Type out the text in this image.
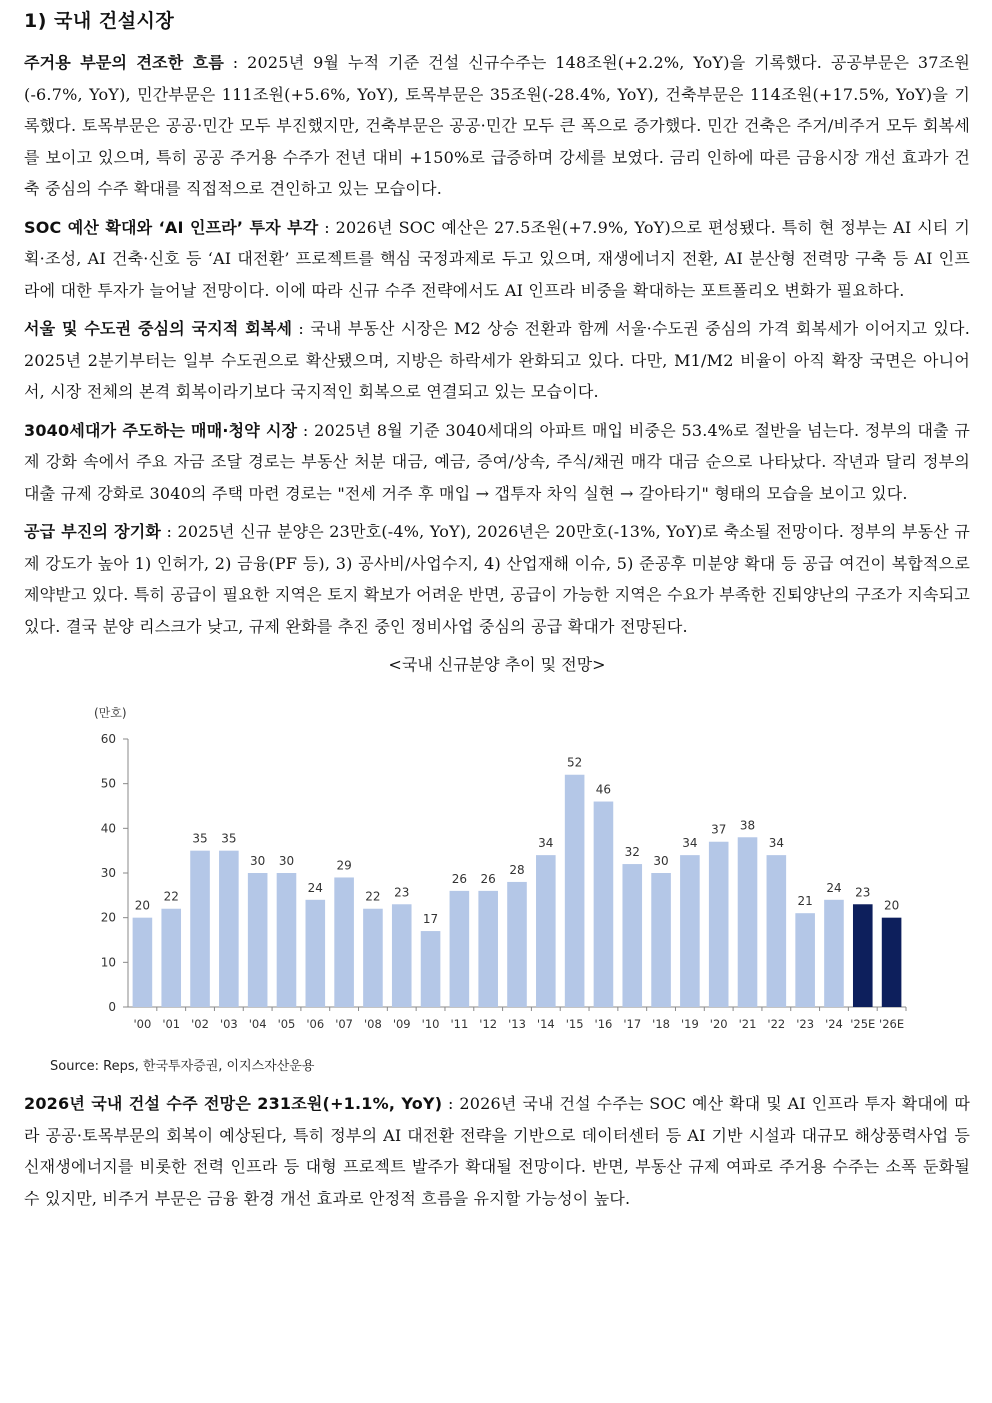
1) 국내 건설시장

주거용 부문의 견조한 흐름 : 2025년 9월 누적 기준 건설 신규수주는 148조원(+2.2%, YoY)을 기록했다. 공공부문은 37조원(-6.7%, YoY), 민간부문은 111조원(+5.6%, YoY), 토목부문은 35조원(-28.4%, YoY), 건축부문은 114조원(+17.5%, YoY)을 기록했다. 토목부문은 공공·민간 모두 부진했지만, 건축부문은 공공·민간 모두 큰 폭으로 증가했다. 민간 건축은 주거/비주거 모두 회복세를 보이고 있으며, 특히 공공 주거용 수주가 전년 대비 +150%로 급증하며 강세를 보였다. 금리 인하에 따른 금융시장 개선 효과가 건축 중심의 수주 확대를 직접적으로 견인하고 있는 모습이다.

SOC 예산 확대와 ‘AI 인프라’ 투자 부각 : 2026년 SOC 예산은 27.5조원(+7.9%, YoY)으로 편성됐다. 특히 현 정부는 AI 시티 기획·조성, AI 건축·신호 등 ‘AI 대전환’ 프로젝트를 핵심 국정과제로 두고 있으며, 재생에너지 전환, AI 분산형 전력망 구축 등 AI 인프라에 대한 투자가 늘어날 전망이다. 이에 따라 신규 수주 전략에서도 AI 인프라 비중을 확대하는 포트폴리오 변화가 필요하다.

서울 및 수도권 중심의 국지적 회복세 : 국내 부동산 시장은 M2 상승 전환과 함께 서울·수도권 중심의 가격 회복세가 이어지고 있다. 2025년 2분기부터는 일부 수도권으로 확산됐으며, 지방은 하락세가 완화되고 있다. 다만, M1/M2 비율이 아직 확장 국면은 아니어서, 시장 전체의 본격 회복이라기보다 국지적인 회복으로 연결되고 있는 모습이다.

3040세대가 주도하는 매매·청약 시장 : 2025년 8월 기준 3040세대의 아파트 매입 비중은 53.4%로 절반을 넘는다. 정부의 대출 규제 강화 속에서 주요 자금 조달 경로는 부동산 처분 대금, 예금, 증여/상속, 주식/채권 매각 대금 순으로 나타났다. 작년과 달리 정부의 대출 규제 강화로 3040의 주택 마련 경로는 "전세 거주 후 매입 → 갭투자 차익 실현 → 갈아타기" 형태의 모습을 보이고 있다.

공급 부진의 장기화 : 2025년 신규 분양은 23만호(-4%, YoY), 2026년은 20만호(-13%, YoY)로 축소될 전망이다. 정부의 부동산 규제 강도가 높아 1) 인허가, 2) 금융(PF 등), 3) 공사비/사업수지, 4) 산업재해 이슈, 5) 준공후 미분양 확대 등 공급 여건이 복합적으로 제약받고 있다. 특히 공급이 필요한 지역은 토지 확보가 어려운 반면, 공급이 가능한 지역은 수요가 부족한 진퇴양난의 구조가 지속되고 있다. 결국 분양 리스크가 낮고, 규제 완화를 추진 중인 정비사업 중심의 공급 확대가 전망된다.

<국내 신규분양 추이 및 전망>
(만호)
0
10
20
30
40
50
60
20
'00
22
'01
35
'02
35
'03
30
'04
30
'05
24
'06
29
'07
22
'08
23
'09
17
'10
26
'11
26
'12
28
'13
34
'14
52
'15
46
'16
32
'17
30
'18
34
'19
37
'20
38
'21
34
'22
21
'23
24
'24
23
'25E
20
'26E
Source: Reps, 한국투자증권, 이지스자산운용

2026년 국내 건설 수주 전망은 231조원(+1.1%, YoY) : 2026년 국내 건설 수주는 SOC 예산 확대 및 AI 인프라 투자 확대에 따라 공공·토목부문의 회복이 예상된다, 특히 정부의 AI 대전환 전략을 기반으로 데이터센터 등 AI 기반 시설과 대규모 해상풍력사업 등 신재생에너지를 비롯한 전력 인프라 등 대형 프로젝트 발주가 확대될 전망이다. 반면, 부동산 규제 여파로 주거용 수주는 소폭 둔화될 수 있지만, 비주거 부문은 금융 환경 개선 효과로 안정적 흐름을 유지할 가능성이 높다.
